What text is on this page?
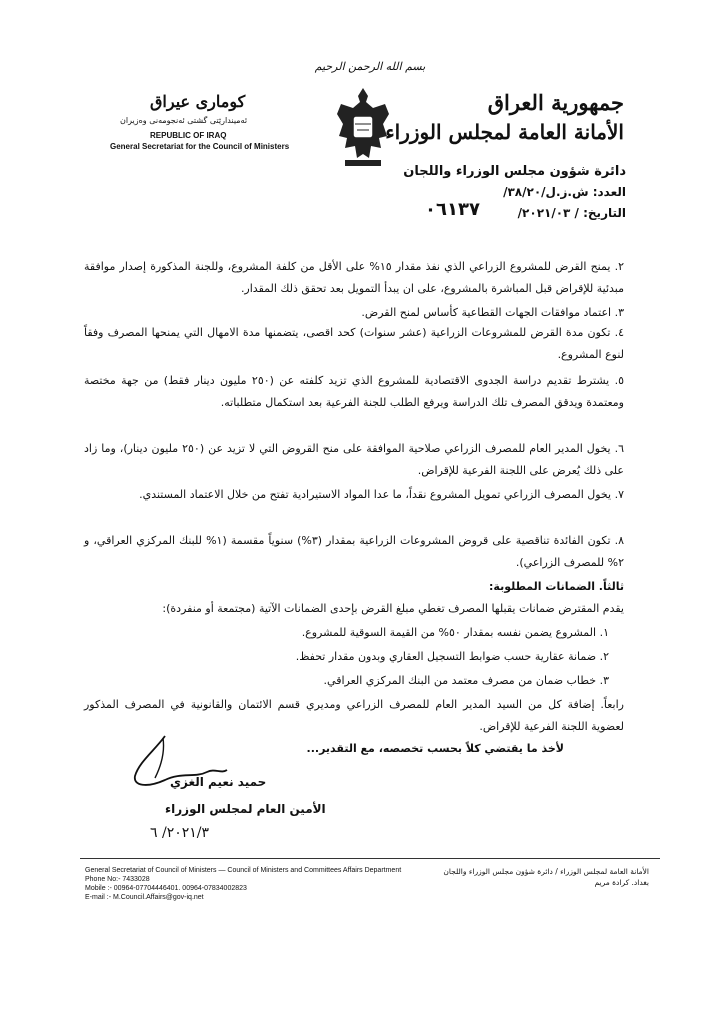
بسم الله الرحمن الرحيم
جمهورية العراق
الأمانة العامة لمجلس الوزراء
كوماری عيراق
ئه‌ميندارێتی گشتی ئه‌نجومه‌نی وه‌زیران
REPUBLIC OF IRAQ
General Secretariat for the Council of Ministers
دائرة شؤون مجلس الوزراء واللجان
العدد: ش.ز.ل/٣٨/٢٠/
التاريخ: / ٢٠٢١/٠٣/
٠٦١٣٧
٢. يمنح القرض للمشروع الزراعي الذي نفذ مقدار ١٥% على الأقل من كلفة المشروع، وللجنة المذكورة إصدار موافقة مبدئية للإقراض قبل المباشرة بالمشروع، على ان يبدأ التمويل بعد تحقق ذلك المقدار.
٣. اعتماد موافقات الجهات القطاعية كأساس لمنح القرض.
٤. تكون مدة القرض للمشروعات الزراعية (عشر سنوات) كحد اقصى، يتضمنها مدة الامهال التي يمنحها المصرف وفقاً لنوع المشروع.
٥. يشترط تقديم دراسة الجدوى الاقتصادية للمشروع الذي تزيد كلفته عن (٢٥٠ مليون دينار فقط) من جهة مختصة ومعتمدة ويدقق المصرف تلك الدراسة ويرفع الطلب للجنة الفرعية بعد استكمال متطلباته.
٦. يخول المدير العام للمصرف الزراعي صلاحية الموافقة على منح القروض التي لا تزيد عن (٢٥٠ مليون دينار)، وما زاد على ذلك يُعرض على اللجنة الفرعية للإقراض.
٧. يخول المصرف الزراعي تمويل المشروع نقداً، ما عدا المواد الاستيرادية تفتح من خلال الاعتماد المستندي.
٨. تكون الفائدة تناقصية على قروض المشروعات الزراعية بمقدار (٣%) سنوياً مقسمة (١% للبنك المركزي العراقي، و ٢% للمصرف الزراعي).
ثالثاً. الضمانات المطلوبة:
يقدم المقترض ضمانات يقبلها المصرف تغطي مبلغ القرض بإحدى الضمانات الآتية (مجتمعة أو منفردة):
١. المشروع يضمن نفسه بمقدار ٥٠% من القيمة السوقية للمشروع.
٢. ضمانة عقارية حسب ضوابط التسجيل العقاري وبدون مقدار تحفظ.
٣. خطاب ضمان من مصرف معتمد من البنك المركزي العراقي.
رابعاً. إضافة كل من السيد المدير العام للمصرف الزراعي ومديري قسم الائتمان والقانونية في المصرف المذكور لعضوية اللجنة الفرعية للإقراض.
لأخذ ما يقتضي كلاً بحسب تخصصه، مع التقدير...
حميد نعيم الغزي
الأمين العام لمجلس الوزراء
٢٠٢١/٣/ ٦
General Secretariat of Council of Ministers — Council of Ministers and Committees Affairs Department
Phone No:- 7433028
Mobile :- 00964-07704446401. 00964-07834002823
E-mail :- M.Council.Affairs@gov-iq.net
الأمانة العامة لمجلس الوزراء / دائرة شؤون مجلس الوزراء واللجان
بغداد. كرادة مريم
